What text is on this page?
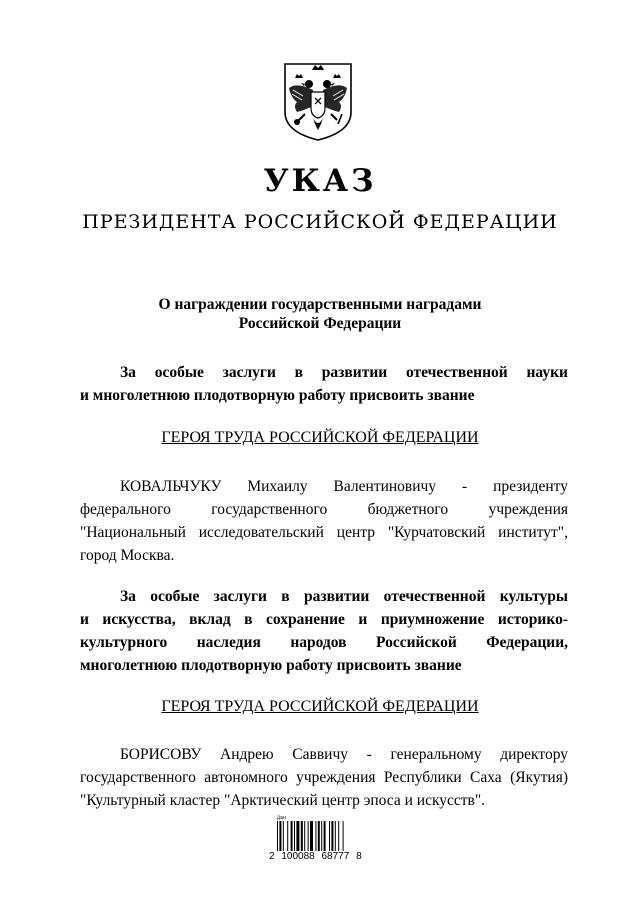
УКАЗ
ПРЕЗИДЕНТА РОССИЙСКОЙ ФЕДЕРАЦИИ
О награждении государственными наградами
Российской Федерации
За особые заслуги в развитии отечественной науки
и многолетнюю плодотворную работу присвоить звание
ГЕРОЯ ТРУДА РОССИЙСКОЙ ФЕДЕРАЦИИ
КОВАЛЬЧУКУ Михаилу Валентиновичу - президенту
федерального государственного бюджетного учреждения
"Национальный исследовательский центр "Курчатовский институт",
город Москва.
За особые заслуги в развитии отечественной культуры
и искусства, вклад в сохранение и приумножение историко-
культурного наследия народов Российской Федерации,
многолетнюю плодотворную работу присвоить звание
ГЕРОЯ ТРУДА РОССИЙСКОЙ ФЕДЕРАЦИИ
БОРИСОВУ Андрею Саввичу - генеральному директору
государственного автономного учреждения Республики Саха (Якутия)
"Культурный кластер "Арктический центр эпоса и искусств".
Дан
2 100088 68777 8
